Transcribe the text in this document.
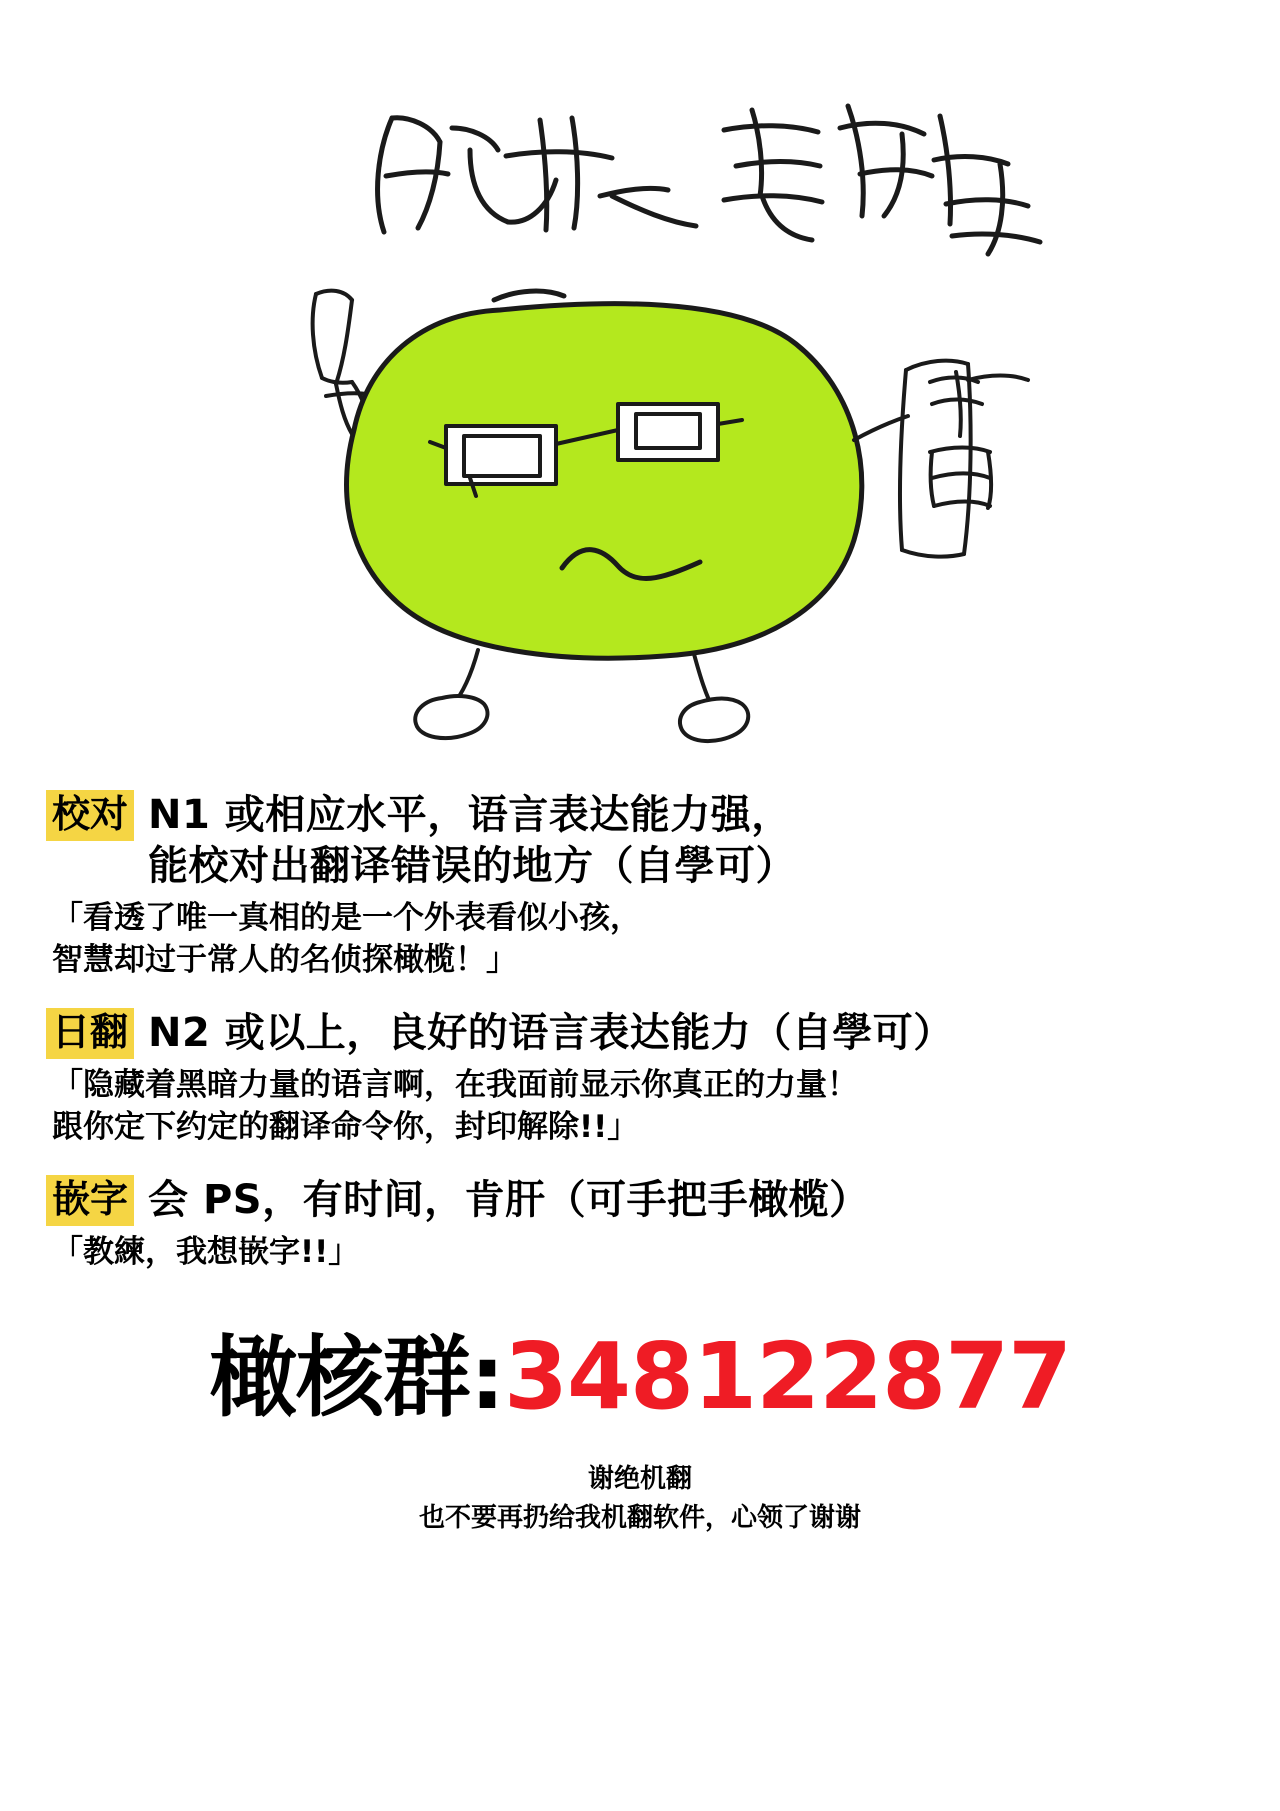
校对 N1 或相应水平，语言表达能力强，
能校对出翻译错误的地方（自學可）
「看透了唯一真相的是一个外表看似小孩，
智慧却过于常人的名侦探橄榄！」
日翻 N2 或以上，良好的语言表达能力（自學可）
「隐藏着黑暗力量的语言啊，在我面前显示你真正的力量！
跟你定下约定的翻译命令你，封印解除!!」
嵌字 会 PS，有时间，肯肝（可手把手橄榄）
「教練，我想嵌字!!」
橄核群:348122877
谢绝机翻
也不要再扔给我机翻软件，心领了谢谢
